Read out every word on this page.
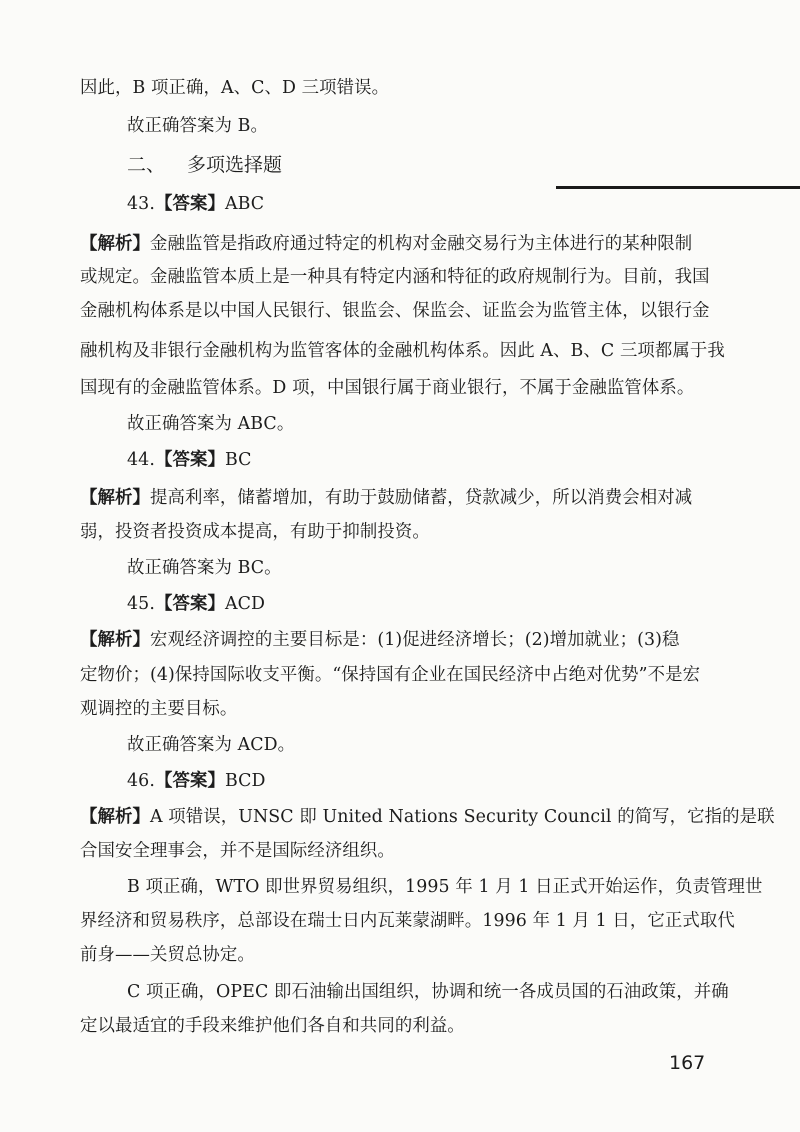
因此，B 项正确，A、C、D 三项错误。
故正确答案为 B。
二、 多项选择题
43.【答案】ABC
【解析】金融监管是指政府通过特定的机构对金融交易行为主体进行的某种限制
或规定。金融监管本质上是一种具有特定内涵和特征的政府规制行为。目前，我国
金融机构体系是以中国人民银行、银监会、保监会、证监会为监管主体，以银行金
融机构及非银行金融机构为监管客体的金融机构体系。因此 A、B、C 三项都属于我
国现有的金融监管体系。D 项，中国银行属于商业银行，不属于金融监管体系。
故正确答案为 ABC。
44.【答案】BC
【解析】提高利率，储蓄增加，有助于鼓励储蓄，贷款减少，所以消费会相对减
弱，投资者投资成本提高，有助于抑制投资。
故正确答案为 BC。
45.【答案】ACD
【解析】宏观经济调控的主要目标是：(1)促进经济增长；(2)增加就业；(3)稳
定物价；(4)保持国际收支平衡。“保持国有企业在国民经济中占绝对优势”不是宏
观调控的主要目标。
故正确答案为 ACD。
46.【答案】BCD
【解析】A 项错误，UNSC 即 United Nations Security Council 的简写，它指的是联
合国安全理事会，并不是国际经济组织。
B 项正确，WTO 即世界贸易组织，1995 年 1 月 1 日正式开始运作，负责管理世
界经济和贸易秩序，总部设在瑞士日内瓦莱蒙湖畔。1996 年 1 月 1 日，它正式取代
前身——关贸总协定。
C 项正确，OPEC 即石油输出国组织，协调和统一各成员国的石油政策，并确
定以最适宜的手段来维护他们各自和共同的利益。
167
